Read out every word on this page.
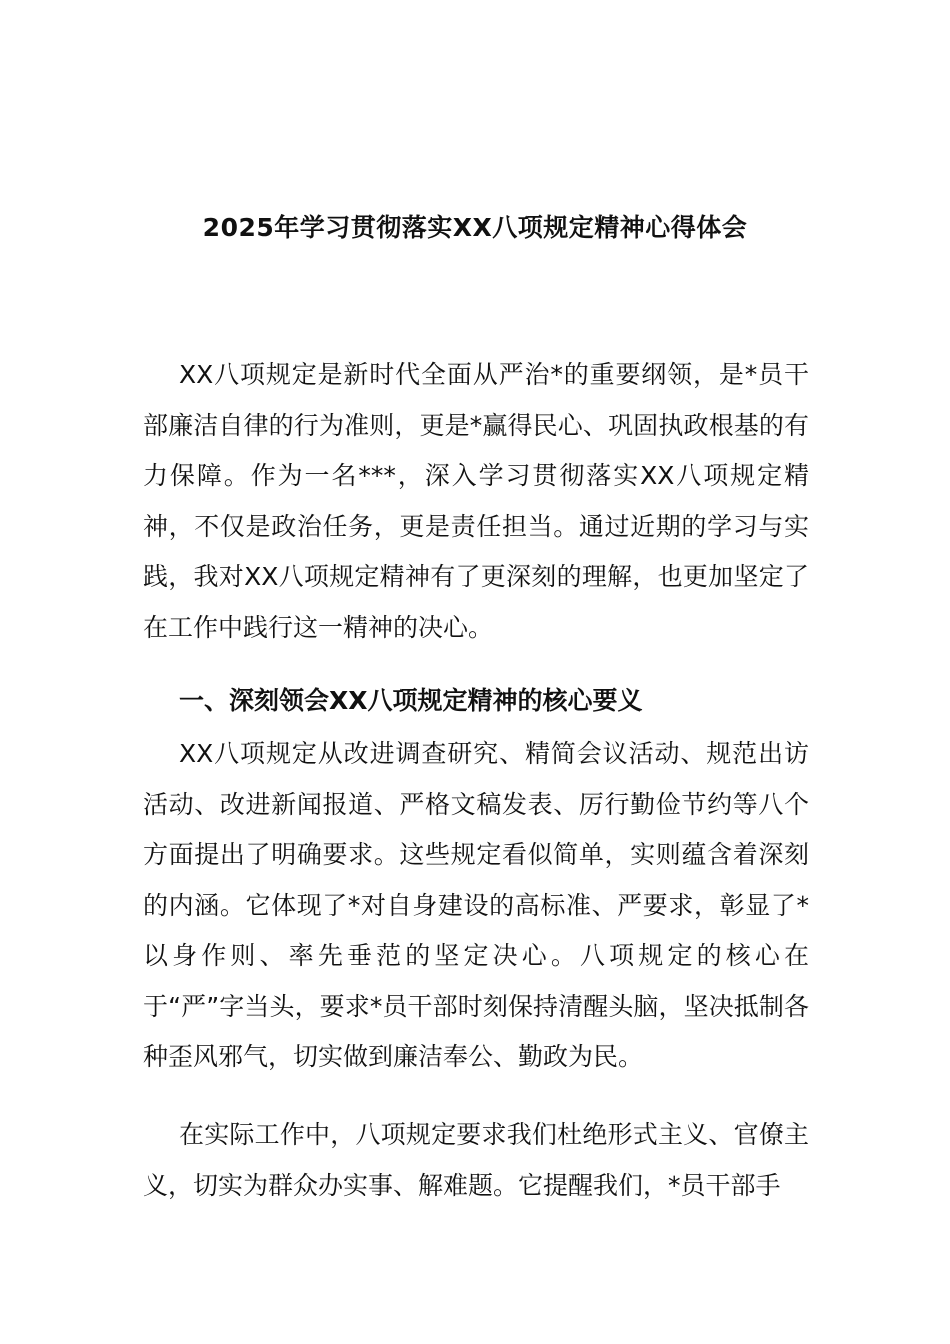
2025年学习贯彻落实XX八项规定精神心得体会

XX八项规定是新时代全面从严治*的重要纲领，是*员干部廉洁自律的行为准则，更是*赢得民心、巩固执政根基的有力保障。作为一名***，深入学习贯彻落实XX八项规定精神，不仅是政治任务，更是责任担当。通过近期的学习与实践，我对XX八项规定精神有了更深刻的理解，也更加坚定了在工作中践行这一精神的决心。

一、深刻领会XX八项规定精神的核心要义

XX八项规定从改进调查研究、精简会议活动、规范出访活动、改进新闻报道、严格文稿发表、厉行勤俭节约等八个方面提出了明确要求。这些规定看似简单，实则蕴含着深刻的内涵。它体现了*对自身建设的高标准、严要求，彰显了*以身作则、率先垂范的坚定决心。八项规定的核心在于“严”字当头，要求*员干部时刻保持清醒头脑，坚决抵制各种歪风邪气，切实做到廉洁奉公、勤政为民。

在实际工作中，八项规定要求我们杜绝形式主义、官僚主义，切实为群众办实事、解难题。它提醒我们，*员干部手
